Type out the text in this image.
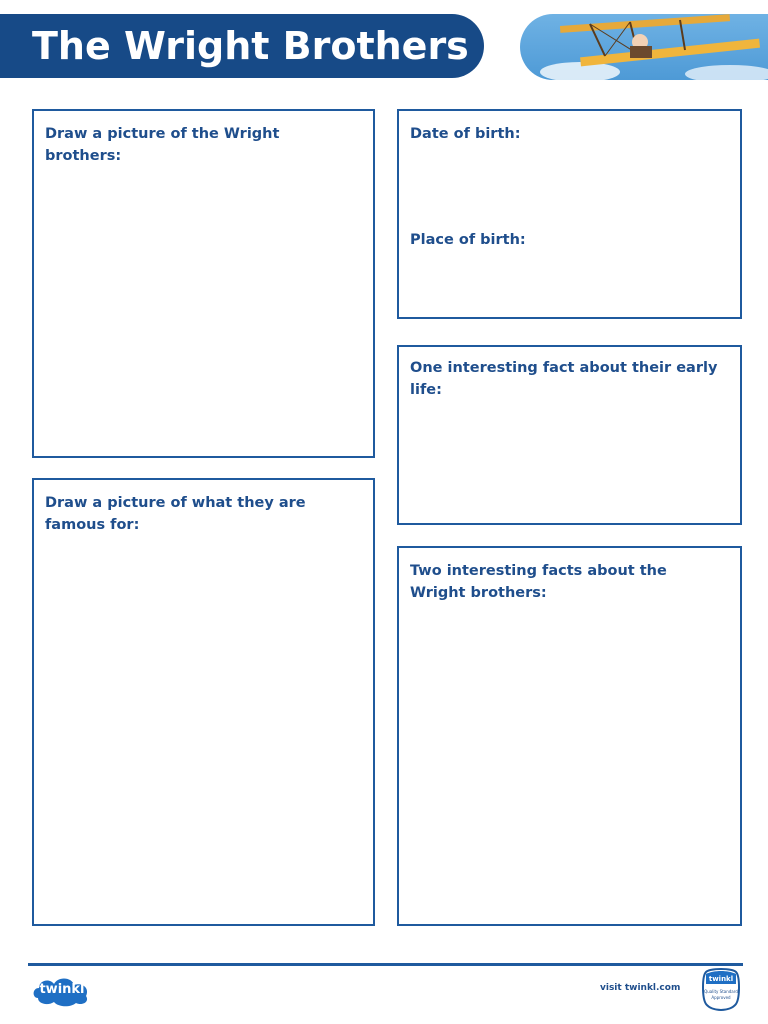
The Wright Brothers
Draw a picture of the Wright brothers:
Date of birth:
Place of birth:
One interesting fact about their early life:
Draw a picture of what they are famous for:
Two interesting facts about the Wright brothers:
twinkl	visit twinkl.com
twinkl
Quality Standard
Approved
